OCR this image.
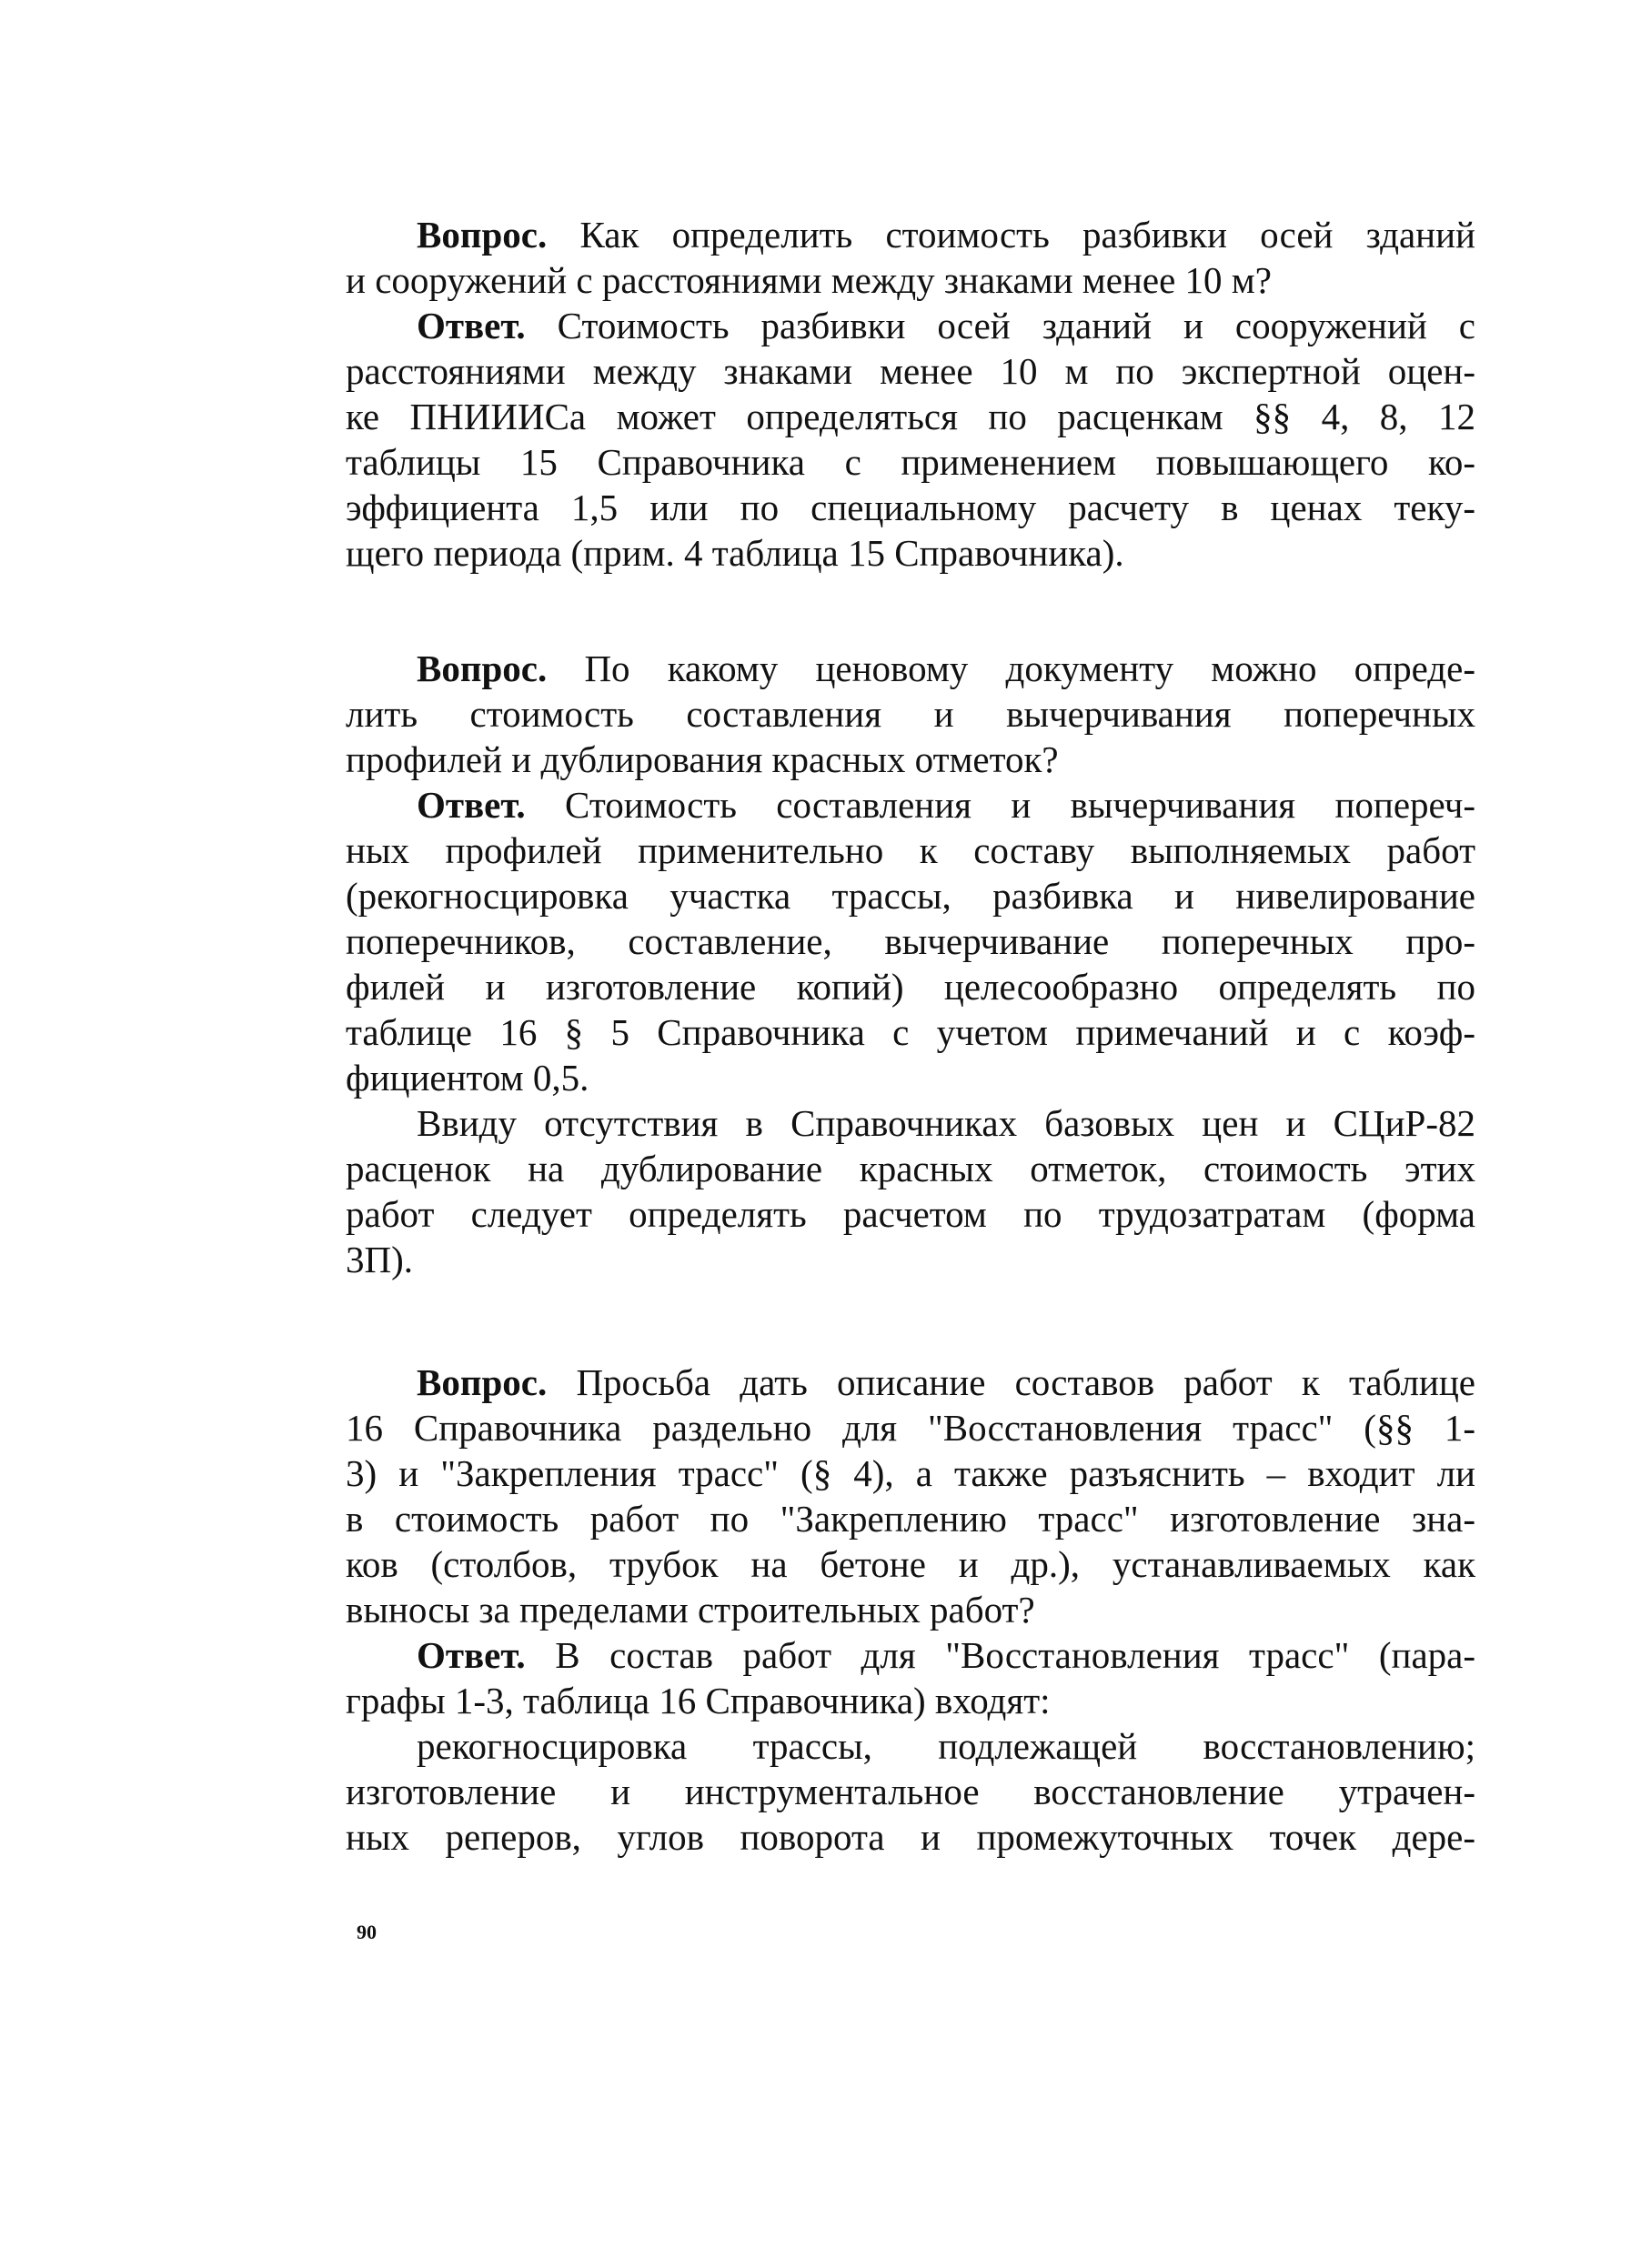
Вопрос. Как определить стоимость разбивки осей зданий
и сооружений с расстояниями между знаками менее 10 м?
Ответ. Стоимость разбивки осей зданий и сооружений с
расстояниями между знаками менее 10 м по экспертной оцен-
ке ПНИИИСа может определяться по расценкам §§ 4, 8, 12
таблицы 15 Справочника с применением повышающего ко-
эффициента 1,5 или по специальному расчету в ценах теку-
щего периода (прим. 4 таблица 15 Справочника).
Вопрос. По какому ценовому документу можно опреде-
лить стоимость составления и вычерчивания поперечных
профилей и дублирования красных отметок?
Ответ. Стоимость составления и вычерчивания попереч-
ных профилей применительно к составу выполняемых работ
(рекогносцировка участка трассы, разбивка и нивелирование
поперечников, составление, вычерчивание поперечных про-
филей и изготовление копий) целесообразно определять по
таблице 16 § 5 Справочника с учетом примечаний и с коэф-
фициентом 0,5.
Ввиду отсутствия в Справочниках базовых цен и СЦиР-82
расценок на дублирование красных отметок, стоимость этих
работ следует определять расчетом по трудозатратам (форма
3П).
Вопрос. Просьба дать описание составов работ к таблице
16 Справочника раздельно для "Восстановления трасс" (§§ 1-
3) и "Закрепления трасс" (§ 4), а также разъяснить – входит ли
в стоимость работ по "Закреплению трасс" изготовление зна-
ков (столбов, трубок на бетоне и др.), устанавливаемых как
выносы за пределами строительных работ?
Ответ. В состав работ для "Восстановления трасс" (пара-
графы 1-3, таблица 16 Справочника) входят:
рекогносцировка трассы, подлежащей восстановлению;
изготовление и инструментальное восстановление утрачен-
ных реперов, углов поворота и промежуточных точек дере-
90
